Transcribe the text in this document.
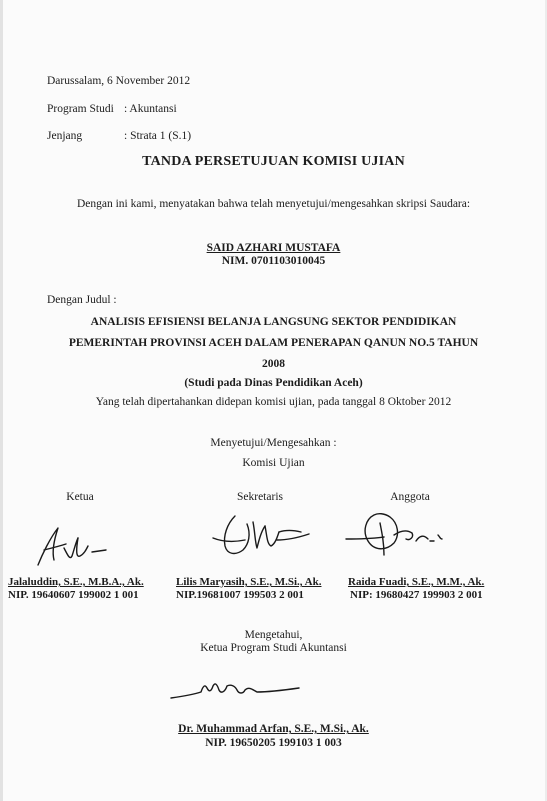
Darussalam, 6 November 2012
Program Studi : Akuntansi
Jenjang	: Strata 1 (S.1)
TANDA PERSETUJUAN KOMISI UJIAN
Dengan ini kami, menyatakan bahwa telah menyetujui/mengesahkan skripsi Saudara:
SAID AZHARI MUSTAFA
NIM. 0701103010045
Dengan Judul :
ANALISIS EFISIENSI BELANJA LANGSUNG SEKTOR PENDIDIKAN
PEMERINTAH PROVINSI ACEH DALAM PENERAPAN QANUN NO.5 TAHUN
2008
(Studi pada Dinas Pendidikan Aceh)
Yang telah dipertahankan didepan komisi ujian, pada tanggal 8 Oktober 2012
Menyetujui/Mengesahkan :
Komisi Ujian
Ketua	Sekretaris	Anggota
Jalaluddin, S.E., M.B.A., Ak.
NIP. 19640607 199002 1 001
Lilis Maryasih, S.E., M.Si., Ak.
NIP.19681007 199503 2 001
Raida Fuadi, S.E., M.M., Ak.
NIP: 19680427 199903 2 001
Mengetahui,
Ketua Program Studi Akuntansi
Dr. Muhammad Arfan, S.E., M.Si., Ak.
NIP. 19650205 199103 1 003
